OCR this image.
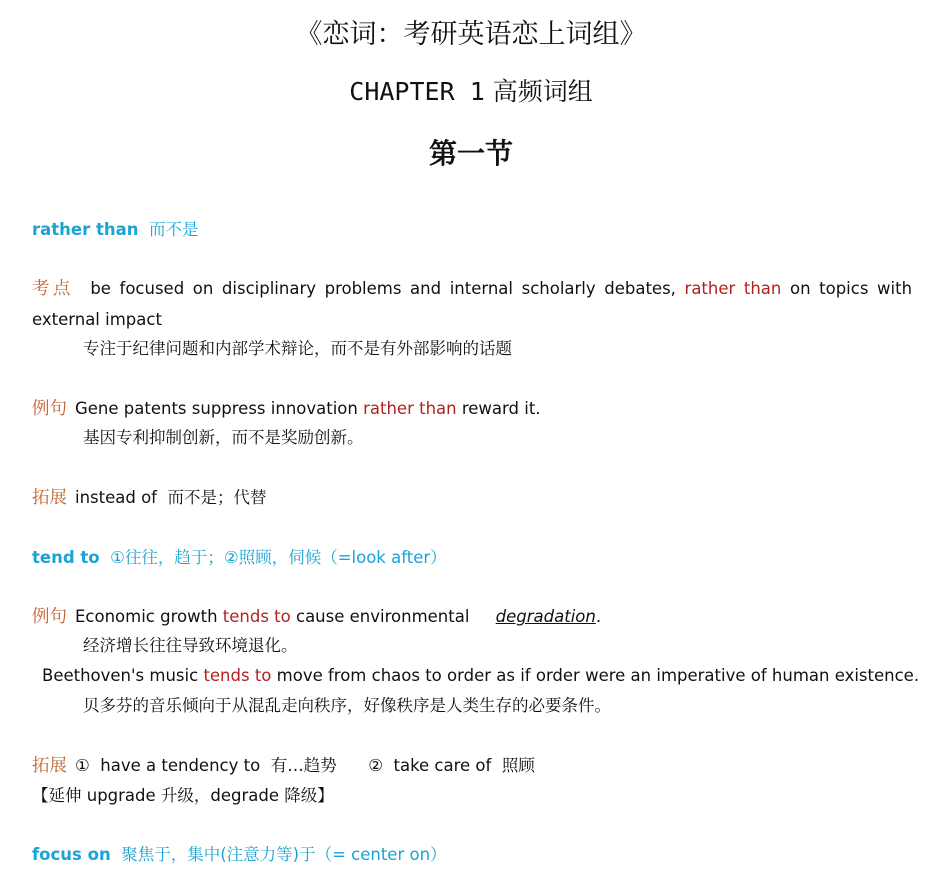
《恋词：考研英语恋上词组》
CHAPTER 1 高频词组
第一节
rather than 而不是
考点 be focused on disciplinary problems and internal scholarly debates, rather than on topics with
external impact
专注于纪律问题和内部学术辩论，而不是有外部影响的话题
例句 Gene patents suppress innovation rather than reward it.
基因专利抑制创新，而不是奖励创新。
拓展 instead of 而不是；代替
tend to ①往往，趋于；②照顾，伺候（=look after）
例句 Economic growth tends to cause environmental degradation.
经济增长往往导致环境退化。
Beethoven's music tends to move from chaos to order as if order were an imperative of human existence.
贝多芬的音乐倾向于从混乱走向秩序，好像秩序是人类生存的必要条件。
拓展 ① have a tendency to 有…趋势 ② take care of 照顾
【延伸 upgrade 升级，degrade 降级】
focus on 聚焦于，集中(注意力等)于（= center on）
